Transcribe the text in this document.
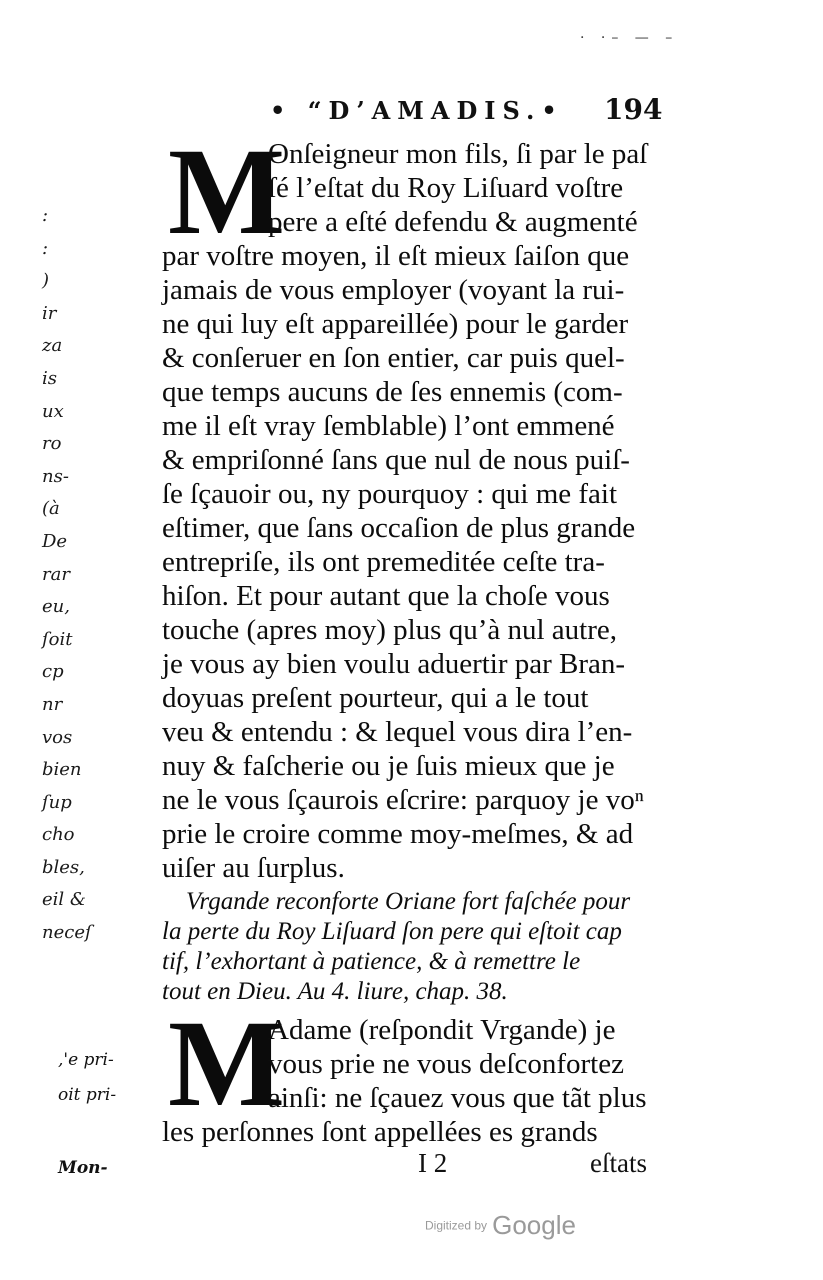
· ·– — –
• “D’AMADIS.• 194
:
:
)
ir
za
is
ux
ro
ns-
(à
De
rar
eu,
ſoit
cp
nr
vos
bien
ſup
cho
bles,
eil &
neceſ
,'e pri-
oit pri-
Mon-
M
Onſeigneur mon fils, ſi par le paſ
ſé l’eſtat du Roy Liſuard voſtre
pere a eſté defendu & augmenté
par voſtre moyen, il eſt mieux ſaiſon que
jamais de vous employer (voyant la rui-
ne qui luy eſt appareillée) pour le garder
& conſeruer en ſon entier, car puis quel-
que temps aucuns de ſes ennemis (com-
me il eſt vray ſemblable) l’ont emmené
& empriſonné ſans que nul de nous puiſ-
ſe ſçauoir ou, ny pourquoy : qui me fait
eſtimer, que ſans occaſion de plus grande
entrepriſe, ils ont premeditée ceſte tra-
hiſon. Et pour autant que la choſe vous
touche (apres moy) plus qu’à nul autre,
je vous ay bien voulu aduertir par Bran-
doyuas preſent pourteur, qui a le tout
veu & entendu : & lequel vous dira l’en-
nuy & faſcherie ou je ſuis mieux que je
ne le vous ſçaurois eſcrire: parquoy je voⁿ
prie le croire comme moy-meſmes, & ad
uiſer au ſurplus.
Vrgande reconforte Oriane fort faſchée pour
la perte du Roy Liſuard ſon pere qui eſtoit cap
tif, l’exhortant à patience, & à remettre le
tout en Dieu. Au 4. liure, chap. 38.
M
Adame (reſpondit Vrgande) je
vous prie ne vous deſconfortez
ainſi: ne ſçauez vous que tãt plus
les perſonnes ſont appellées es grands
I 2	eſtats
Digitized by Google
